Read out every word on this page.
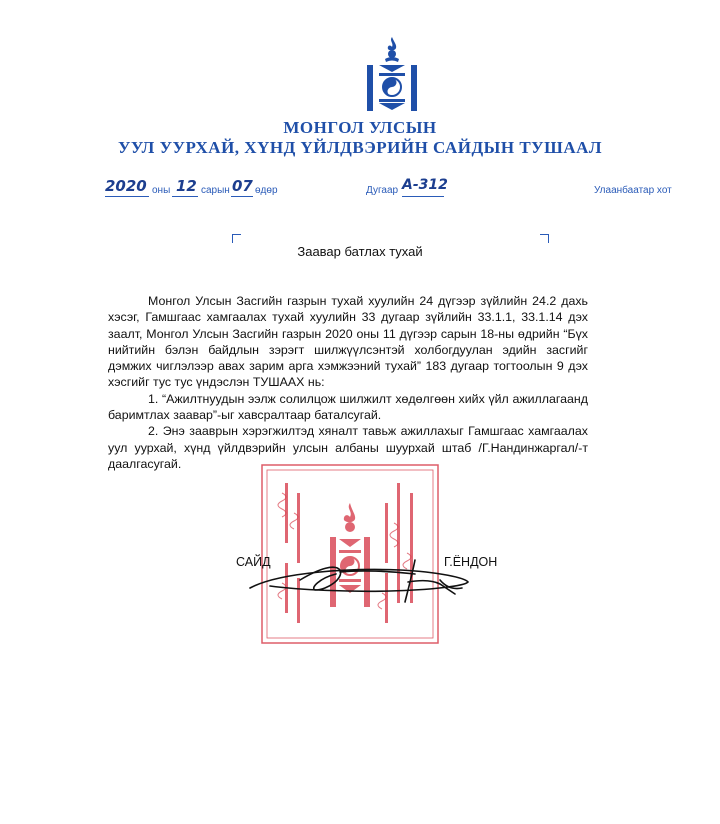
МОНГОЛ УЛСЫН
УУЛ УУРХАЙ, ХҮНД ҮЙЛДВЭРИЙН САЙДЫН ТУШААЛ
2020 оны 12 сарын 07 өдөр	Дугаар А-312	Улаанбаатар хот
Заавар батлах тухай

Монгол Улсын Засгийн газрын тухай хуулийн 24 дүгээр зүйлийн 24.2 дахь хэсэг, Гамшгаас хамгаалах тухай хуулийн 33 дугаар зүйлийн 33.1.1, 33.1.14 дэх заалт, Монгол Улсын Засгийн газрын 2020 оны 11 дүгээр сарын 18-ны өдрийн “Бүх нийтийн бэлэн байдлын зэрэгт шилжүүлсэнтэй холбогдуулан эдийн засгийг дэмжих чиглэлээр авах зарим арга хэмжээний тухай” 183 дугаар тогтоолын 9 дэх хэсгийг тус тус үндэслэн ТУШААХ нь:

1. “Ажилтнуудын ээлж солилцож шилжилт хөдөлгөөн хийх үйл ажиллагаанд баримтлах заавар”-ыг хавсралтаар баталсугай.

2. Энэ зааврын хэрэгжилтэд хяналт тавьж ажиллахыг Гамшгаас хамгаалах уул уурхай, хүнд үйлдвэрийн улсын албаны шуурхай штаб /Г.Нандинжаргал/-т даалгасугай.

САЙД	Г.ЁНДОН
